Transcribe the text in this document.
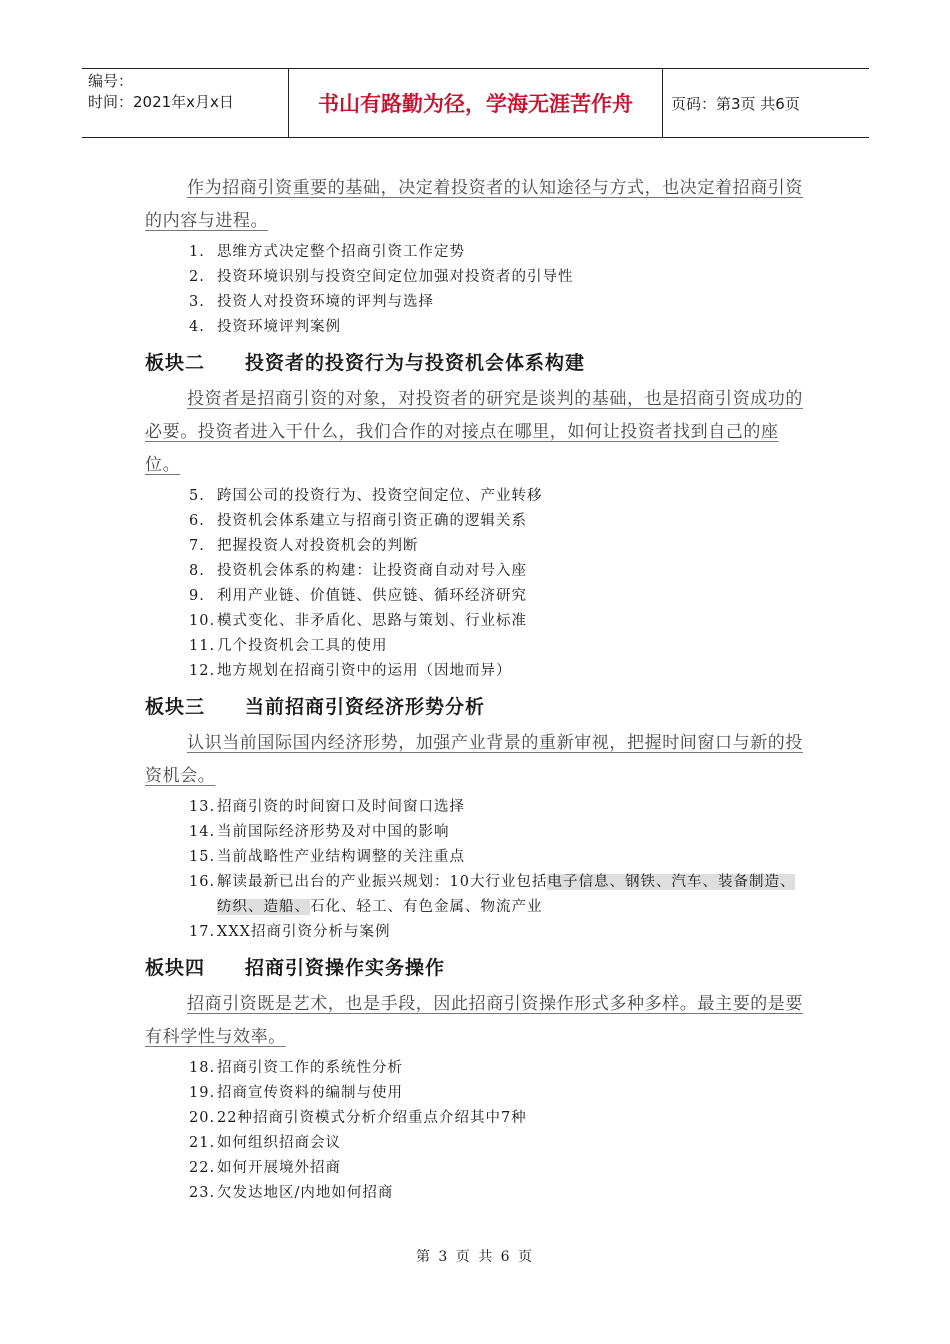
编号：
时间：2021年x月x日	书山有路勤为径，学海无涯苦作舟	页码：第3页 共6页

作为招商引资重要的基础，决定着投资者的认知途径与方式，也决定着招商引资的内容与进程。

1. 思维方式决定整个招商引资工作定势
2. 投资环境识别与投资空间定位加强对投资者的引导性
3. 投资人对投资环境的评判与选择
4. 投资环境评判案例
板块二	投资者的投资行为与投资机会体系构建

投资者是招商引资的对象，对投资者的研究是谈判的基础，也是招商引资成功的必要。投资者进入干什么，我们合作的对接点在哪里，如何让投资者找到自己的座位。

5. 跨国公司的投资行为、投资空间定位、产业转移
6. 投资机会体系建立与招商引资正确的逻辑关系
7. 把握投资人对投资机会的判断
8. 投资机会体系的构建：让投资商自动对号入座
9. 利用产业链、价值链、供应链、循环经济研究
10. 模式变化、非矛盾化、思路与策划、行业标准
11. 几个投资机会工具的使用
12. 地方规划在招商引资中的运用（因地而异）
板块三	当前招商引资经济形势分析

认识当前国际国内经济形势，加强产业背景的重新审视，把握时间窗口与新的投资机会。

13. 招商引资的时间窗口及时间窗口选择
14. 当前国际经济形势及对中国的影响
15. 当前战略性产业结构调整的关注重点
16. 解读最新已出台的产业振兴规划：10大行业包括电子信息、钢铁、汽车、装备制造、纺织、造船、石化、轻工、有色金属、物流产业
17. XXX招商引资分析与案例
板块四	招商引资操作实务操作

招商引资既是艺术，也是手段，因此招商引资操作形式多种多样。最主要的是要有科学性与效率。

18. 招商引资工作的系统性分析
19. 招商宣传资料的编制与使用
20. 22种招商引资模式分析介绍重点介绍其中7种
21. 如何组织招商会议
22. 如何开展境外招商
23. 欠发达地区/内地如何招商
第 3 页 共 6 页
